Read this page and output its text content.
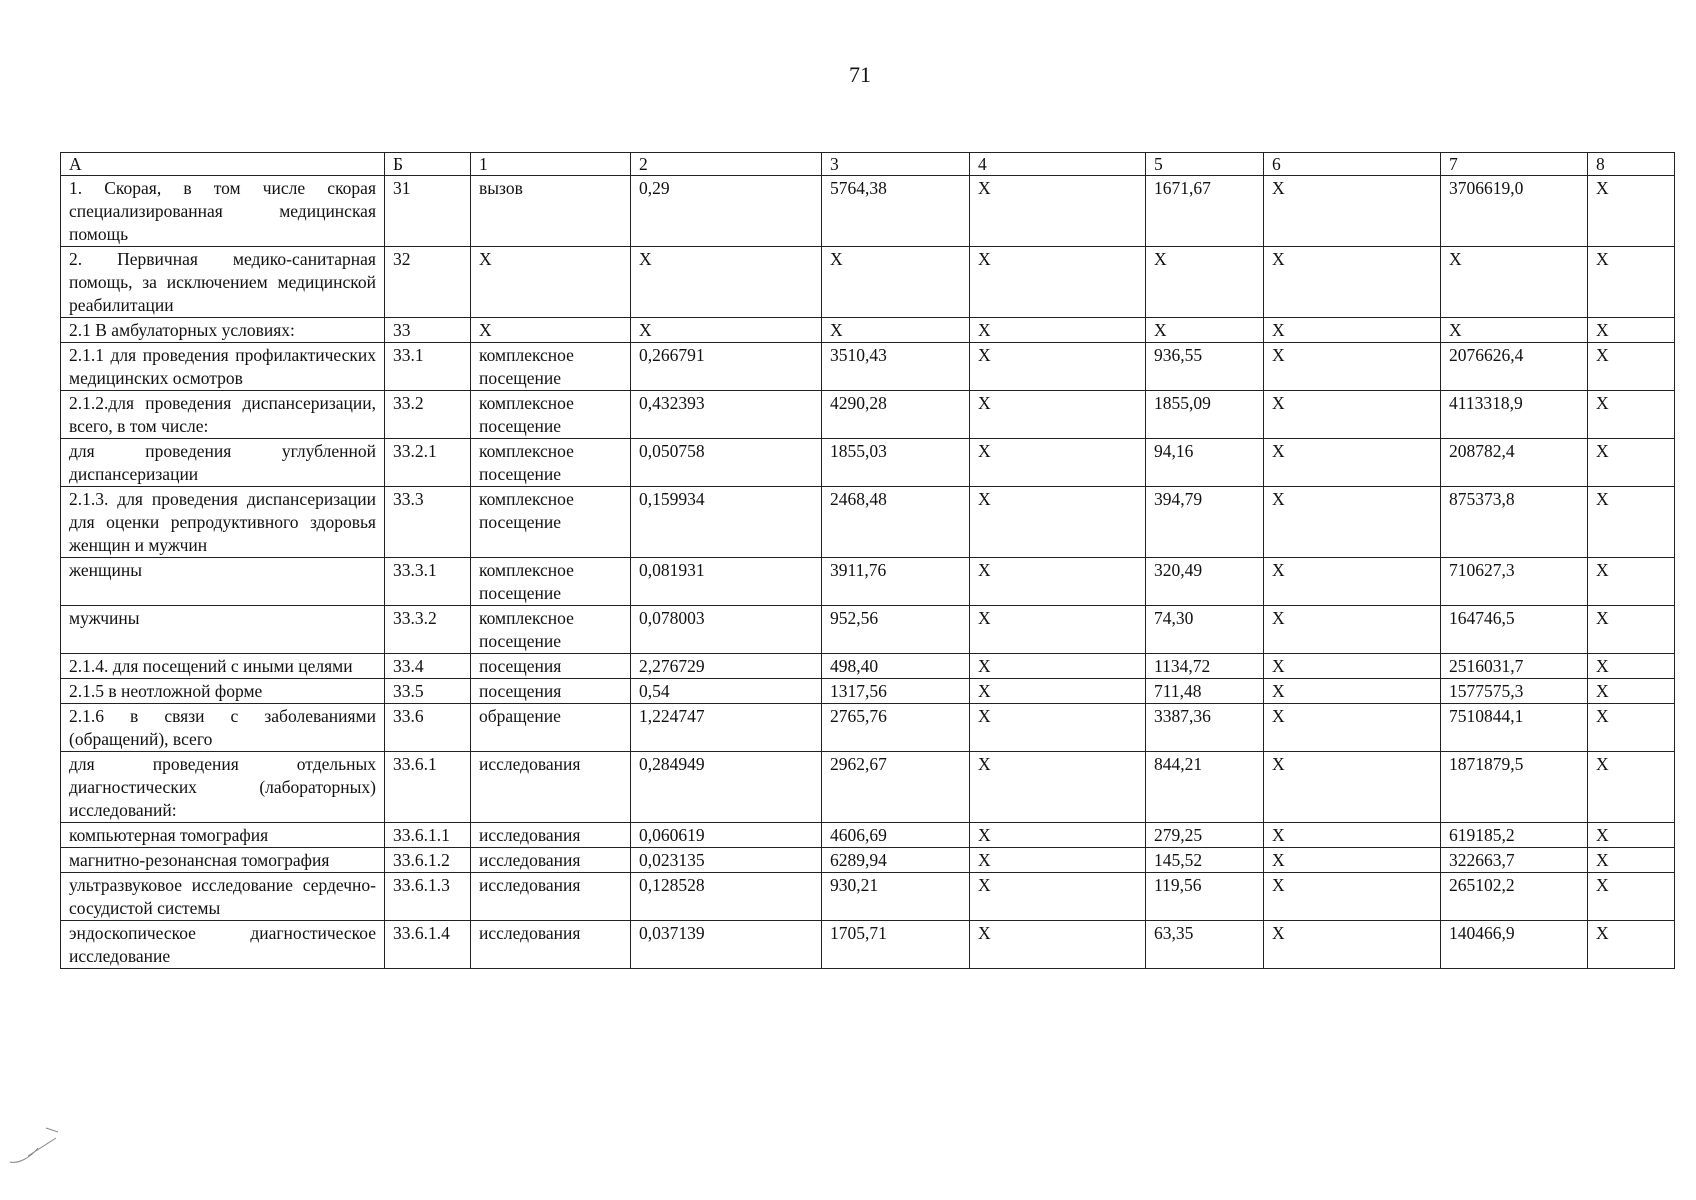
71
А	Б	1	2	3	4	5	6	7	8
1. Скорая, в том числе скорая специализированная медицинская помощь	31	вызов	0,29	5764,38	Х	1671,67	Х	3706619,0	Х
2. Первичная медико-санитарная помощь, за исключением медицинской реабилитации	32	Х	Х	Х	Х	Х	Х	Х	Х
2.1 В амбулаторных условиях:	33	Х	Х	Х	Х	Х	Х	Х	Х
2.1.1 для проведения профилактических медицинских осмотров	33.1	комплексное посещение	0,266791	3510,43	Х	936,55	Х	2076626,4	Х
2.1.2.для проведения диспансеризации, всего, в том числе:	33.2	комплексное посещение	0,432393	4290,28	Х	1855,09	Х	4113318,9	Х
для проведения углубленной диспансеризации	33.2.1	комплексное посещение	0,050758	1855,03	Х	94,16	Х	208782,4	Х
2.1.3. для проведения диспансеризации для оценки репродуктивного здоровья женщин и мужчин	33.3	комплексное посещение	0,159934	2468,48	Х	394,79	Х	875373,8	Х
женщины	33.3.1	комплексное посещение	0,081931	3911,76	Х	320,49	Х	710627,3	Х
мужчины	33.3.2	комплексное посещение	0,078003	952,56	Х	74,30	Х	164746,5	Х
2.1.4. для посещений с иными целями	33.4	посещения	2,276729	498,40	Х	1134,72	Х	2516031,7	Х
2.1.5 в неотложной форме	33.5	посещения	0,54	1317,56	Х	711,48	Х	1577575,3	Х
2.1.6 в связи с заболеваниями (обращений), всего	33.6	обращение	1,224747	2765,76	Х	3387,36	Х	7510844,1	Х
для проведения отдельных диагностических (лабораторных) исследований:	33.6.1	исследования	0,284949	2962,67	Х	844,21	Х	1871879,5	Х
компьютерная томография	33.6.1.1	исследования	0,060619	4606,69	Х	279,25	Х	619185,2	Х
магнитно-резонансная томография	33.6.1.2	исследования	0,023135	6289,94	Х	145,52	Х	322663,7	Х
ультразвуковое исследование сердечно-сосудистой системы	33.6.1.3	исследования	0,128528	930,21	Х	119,56	Х	265102,2	Х
эндоскопическое диагностическое исследование	33.6.1.4	исследования	0,037139	1705,71	Х	63,35	Х	140466,9	Х
